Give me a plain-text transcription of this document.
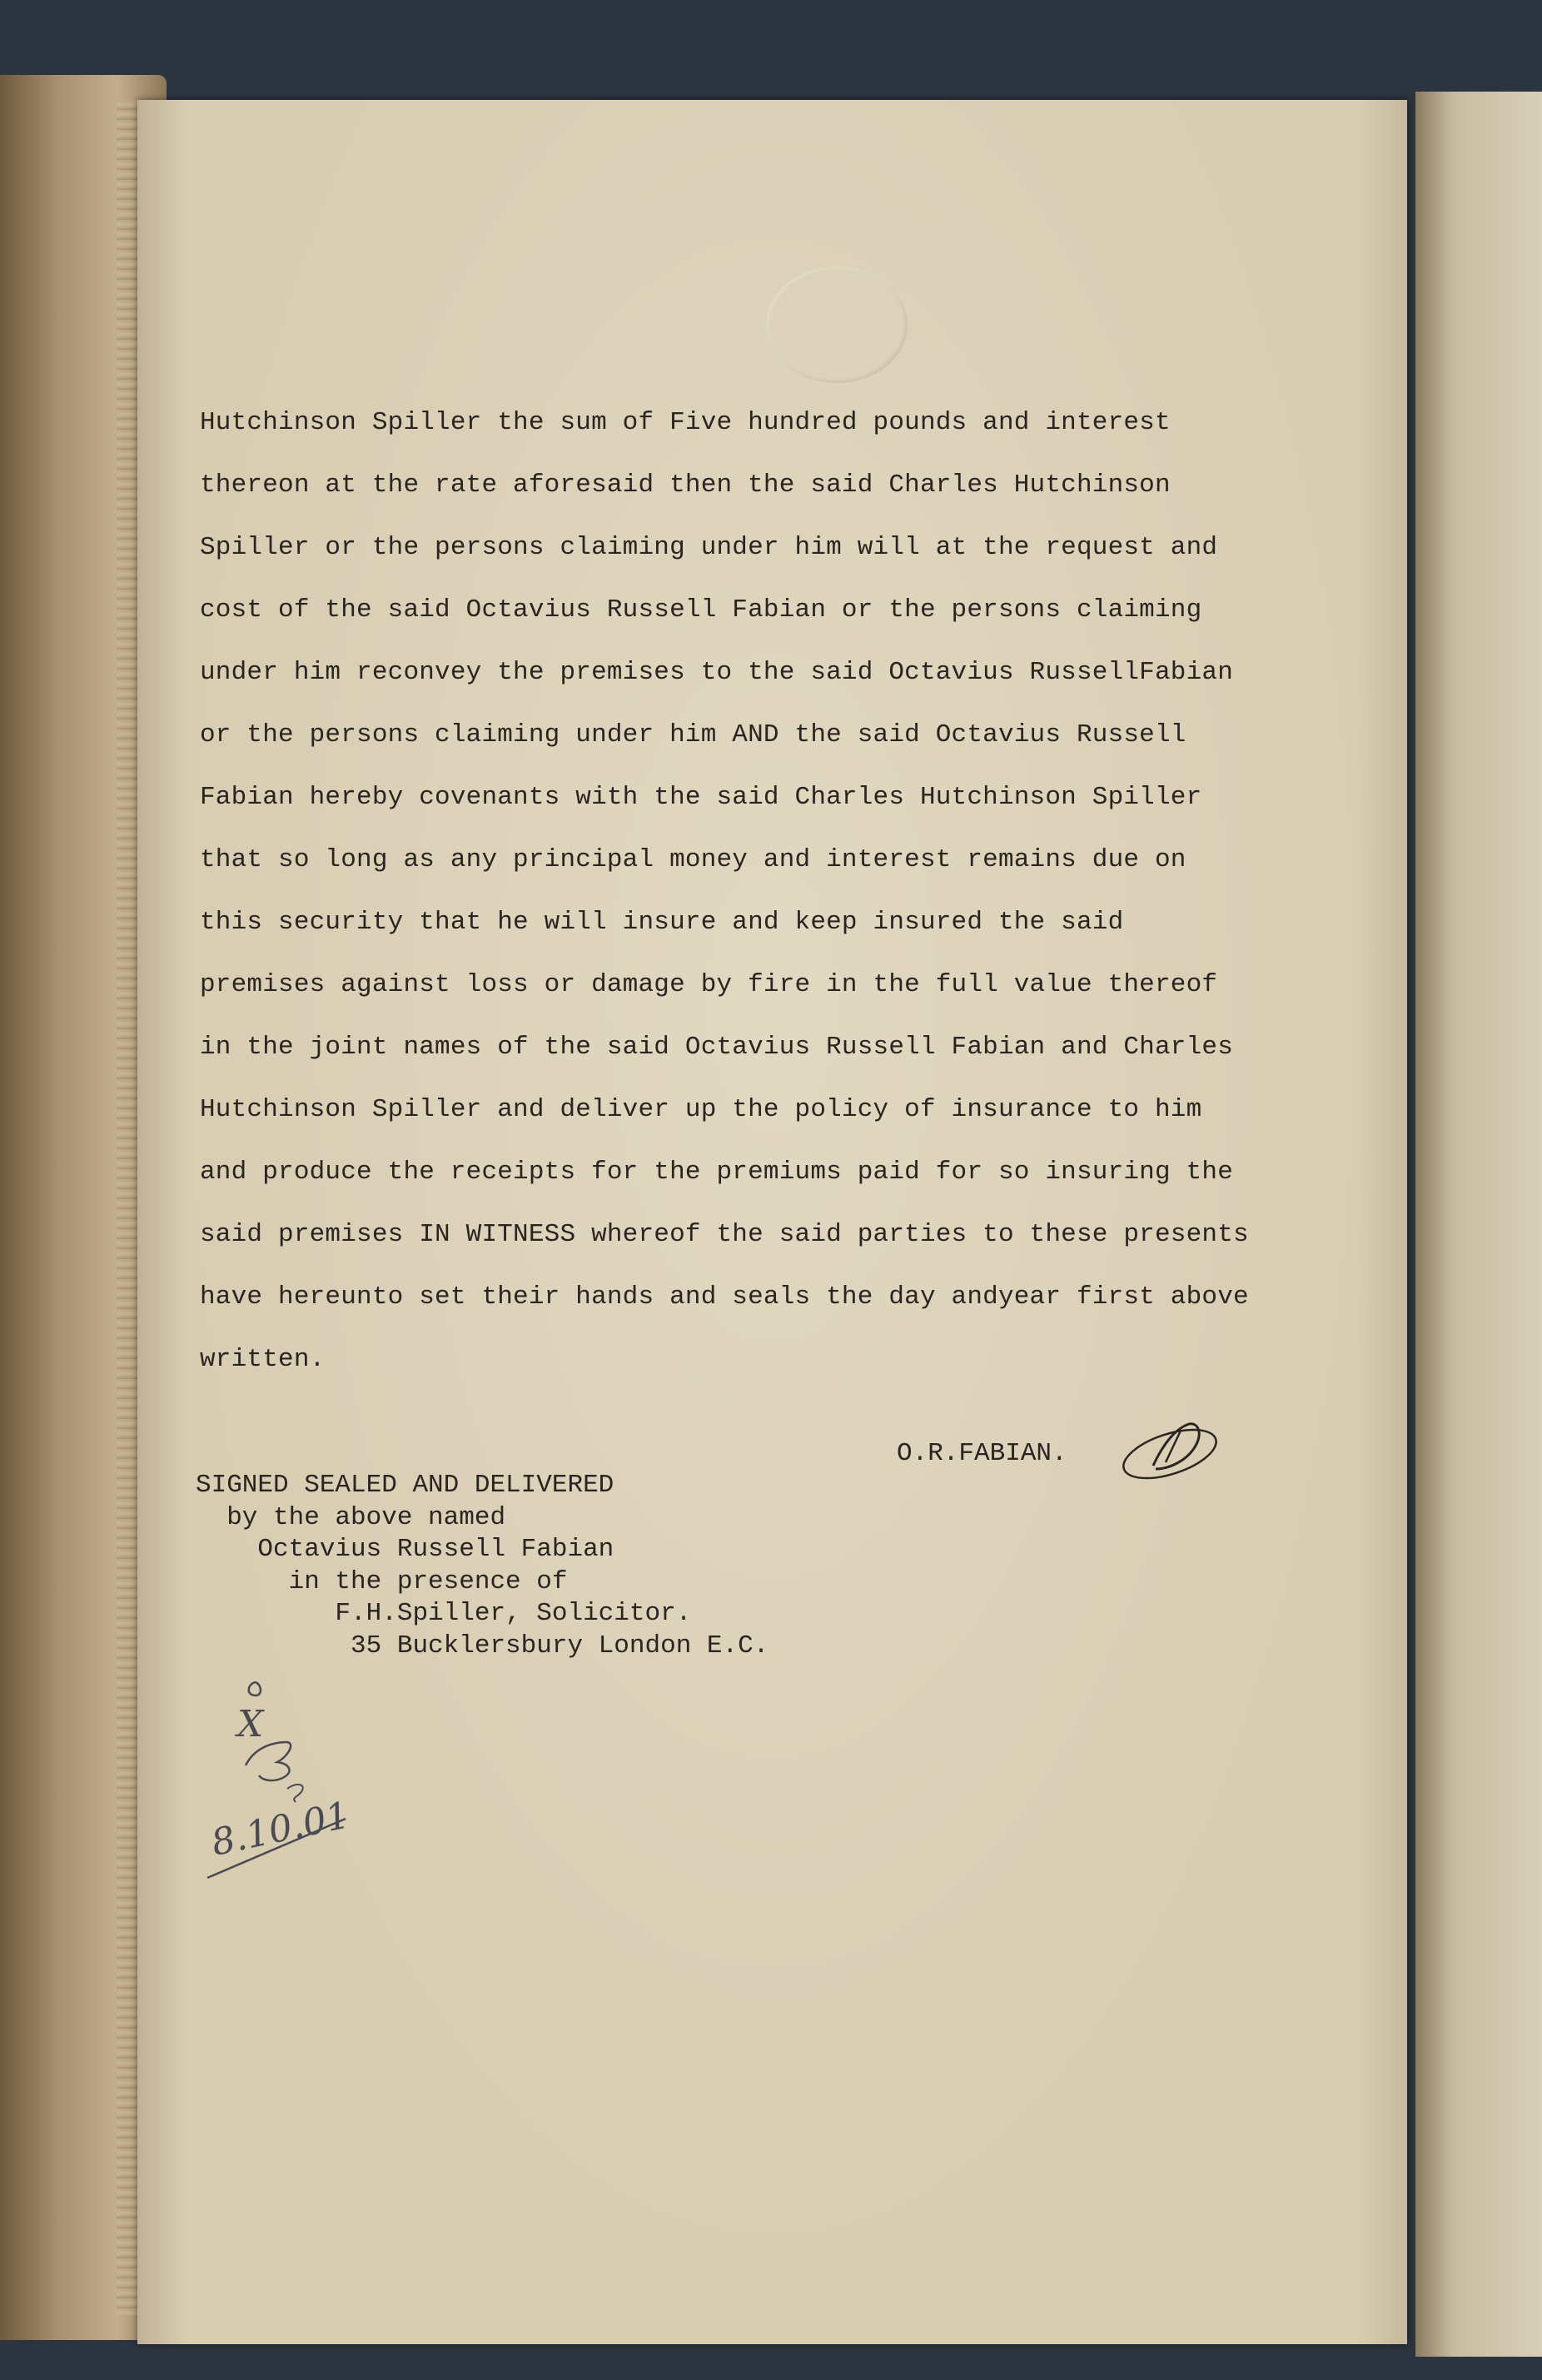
Hutchinson Spiller the sum of Five hundred pounds and interest
thereon at the rate aforesaid then the said Charles Hutchinson
Spiller or the persons claiming under him will at the request and
cost of the said Octavius Russell Fabian or the persons claiming
under him reconvey the premises to the said Octavius RussellFabian
or the persons claiming under him AND the said Octavius Russell
Fabian hereby covenants with the said Charles Hutchinson Spiller
that so long as any principal money and interest remains due on
this security that he will insure and keep insured the said
premises against loss or damage by fire in the full value thereof
in the joint names of the said Octavius Russell Fabian and Charles
Hutchinson Spiller and deliver up the policy of insurance to him
and produce the receipts for the premiums paid for so insuring the
said premises IN WITNESS whereof the said parties to these presents
have hereunto set their hands and seals the day andyear first above
written.
O.R.FABIAN.
SIGNED SEALED AND DELIVERED
by the above named
Octavius Russell Fabian
in the presence of
F.H.Spiller, Solicitor.
35 Bucklersbury London E.C.
X
8.10.01
